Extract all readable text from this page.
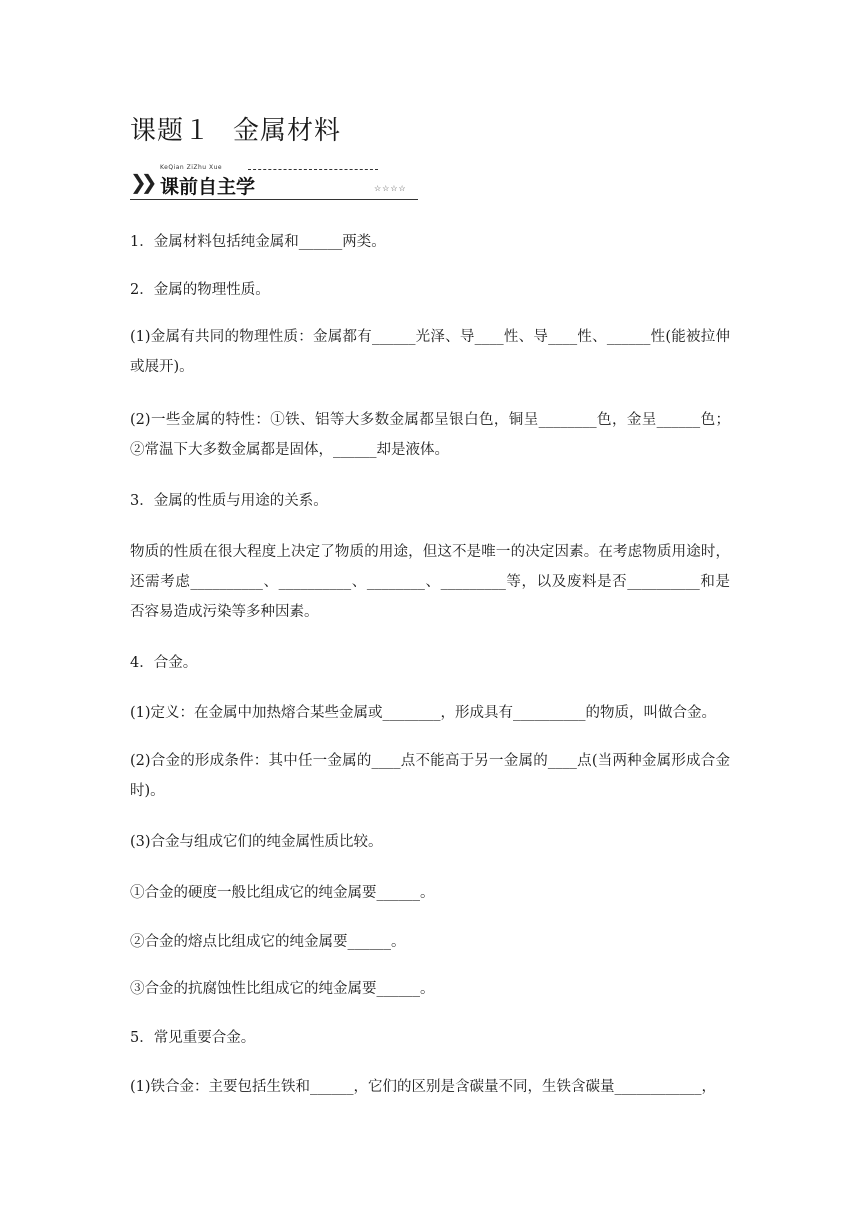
课题１ 金属材料
KeQian ZiZhu Xue
❯❯ 课前自主学	☆☆☆☆
1．金属材料包括纯金属和______两类。
2．金属的物理性质。
(1)金属有共同的物理性质：金属都有______光泽、导____性、导____性、______性(能被拉伸或展开)。
(2)一些金属的特性：①铁、铝等大多数金属都呈银白色，铜呈________色，金呈______色；②常温下大多数金属都是固体，______却是液体。
3．金属的性质与用途的关系。
物质的性质在很大程度上决定了物质的用途，但这不是唯一的决定因素。在考虑物质用途时，还需考虑__________、__________、________、_________等，以及废料是否__________和是否容易造成污染等多种因素。
4．合金。
(1)定义：在金属中加热熔合某些金属或________，形成具有__________的物质，叫做合金。
(2)合金的形成条件：其中任一金属的____点不能高于另一金属的____点(当两种金属形成合金时)。
(3)合金与组成它们的纯金属性质比较。
①合金的硬度一般比组成它的纯金属要______。
②合金的熔点比组成它的纯金属要______。
③合金的抗腐蚀性比组成它的纯金属要______。
5．常见重要合金。
(1)铁合金：主要包括生铁和______，它们的区别是含碳量不同，生铁含碳量____________，
